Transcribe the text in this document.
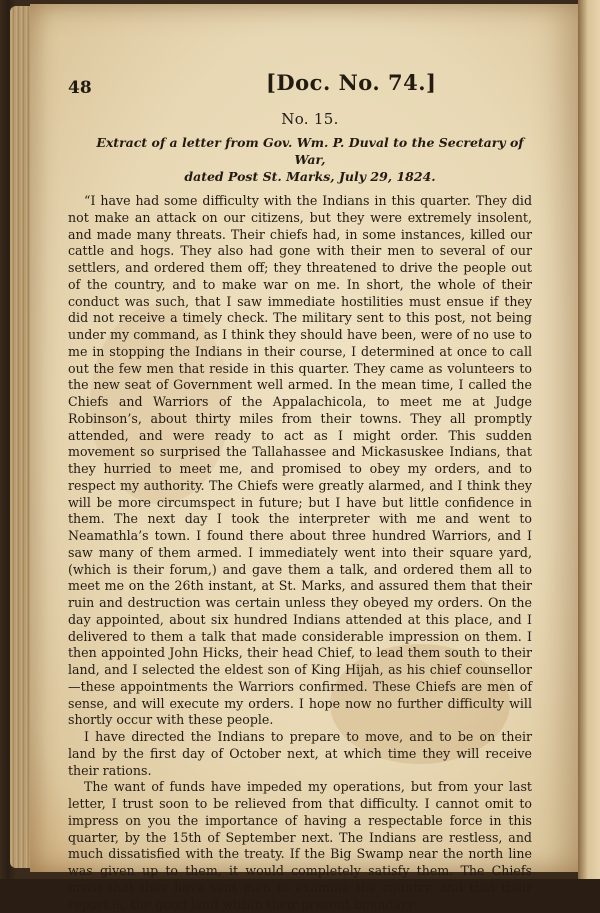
48	[Doc. No. 74.]
No. 15.
Extract of a letter from Gov. Wm. P. Duval to the Secretary of War,
dated Post St. Marks, July 29, 1824.

“I have had some difficulty with the Indians in this quarter. They did not make an attack on our citizens, but they were extremely insolent, and made many threats. Their chiefs had, in some instances, killed our cattle and hogs. They also had gone with their men to several of our settlers, and ordered them off; they threatened to drive the people out of the country, and to make war on me. In short, the whole of their conduct was such, that I saw immediate hostilities must ensue if they did not receive a timely check. The military sent to this post, not being under my command, as I think they should have been, were of no use to me in stopping the Indians in their course, I determined at once to call out the few men that reside in this quarter. They came as volunteers to the new seat of Government well armed. In the mean time, I called the Chiefs and Warriors of the Appalachicola, to meet me at Judge Robinson’s, about thirty miles from their towns. They all promptly attended, and were ready to act as I might order. This sudden movement so surprised the Tallahassee and Mickasuskee Indians, that they hurried to meet me, and promised to obey my orders, and to respect my authority. The Chiefs were greatly alarmed, and I think they will be more circumspect in future; but I have but little confidence in them. The next day I took the interpreter with me and went to Neamathla’s town. I found there about three hundred Warriors, and I saw many of them armed. I immediately went into their square yard, (which is their forum,) and gave them a talk, and ordered them all to meet me on the 26th instant, at St. Marks, and assured them that their ruin and destruction was certain unless they obeyed my orders. On the day appointed, about six hundred Indians attended at this place, and I delivered to them a talk that made considerable impression on them. I then appointed John Hicks, their head Chief, to lead them south to their land, and I selected the eldest son of King Hijah, as his chief counsellor—these appointments the Warriors confirmed. These Chiefs are men of sense, and will execute my orders. I hope now no further difficulty will shortly occur with these people.

I have directed the Indians to prepare to move, and to be on their land by the first day of October next, at which time they will receive their rations.

The want of funds have impeded my operations, but from your last letter, I trust soon to be relieved from that difficulty. I cannot omit to impress on you the importance of having a respectable force in this quarter, by the 15th of September next. The Indians are restless, and much dissatisfied with the treaty. If the Big Swamp near the north line was given up to them, it would completely satisfy them. The Chiefs insist that they have sent men to examine the country, and that their report is, the good land within their present boundary
